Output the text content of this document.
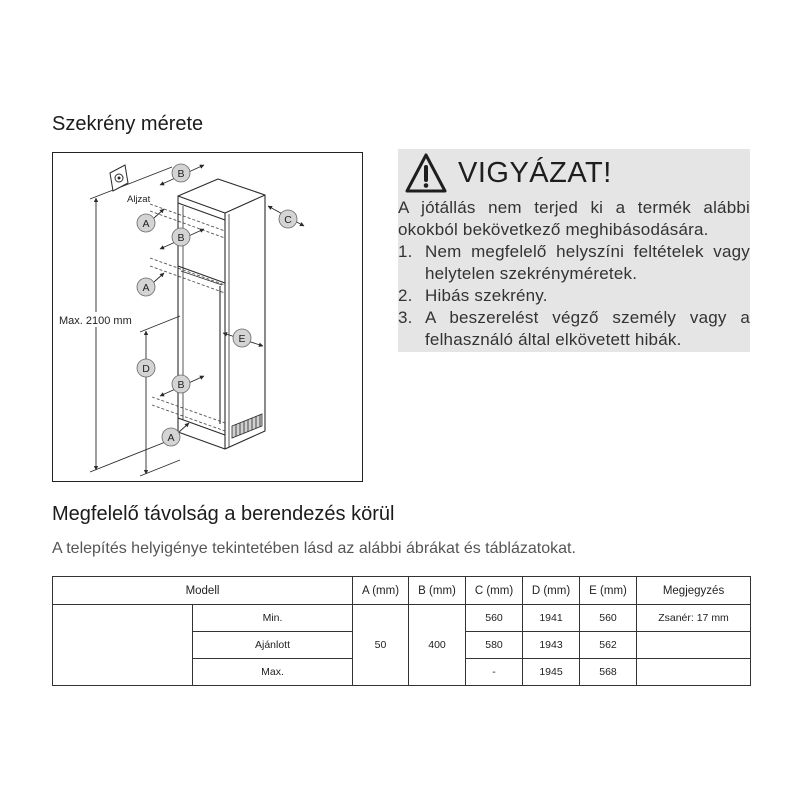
Szekrény mérete
Aljzat
Max. 2100 mm
B
A
B
C
A
E
D
B
A
VIGYÁZAT!
A jótállás nem terjed ki a termék alábbi
okokból bekövetkező meghibásodására.
1. Nem megfelelő helyszíni feltételek vagy
helytelen szekrényméretek.
2. Hibás szekrény.
3. A beszerelést végző személy vagy a
felhasználó által elkövetett hibák.
Megfelelő távolság a berendezés körül
A telepítés helyigénye tekintetében lásd az alábbi ábrákat és táblázatokat.
Modell		A (mm)	B (mm)	C (mm)	D (mm)	E (mm)	Megjegyzés
	Min.	50	400	560	1941	560	Zsanér: 17 mm
	Ajánlott			580	1943	562	
	Max.			-	1945	568	
